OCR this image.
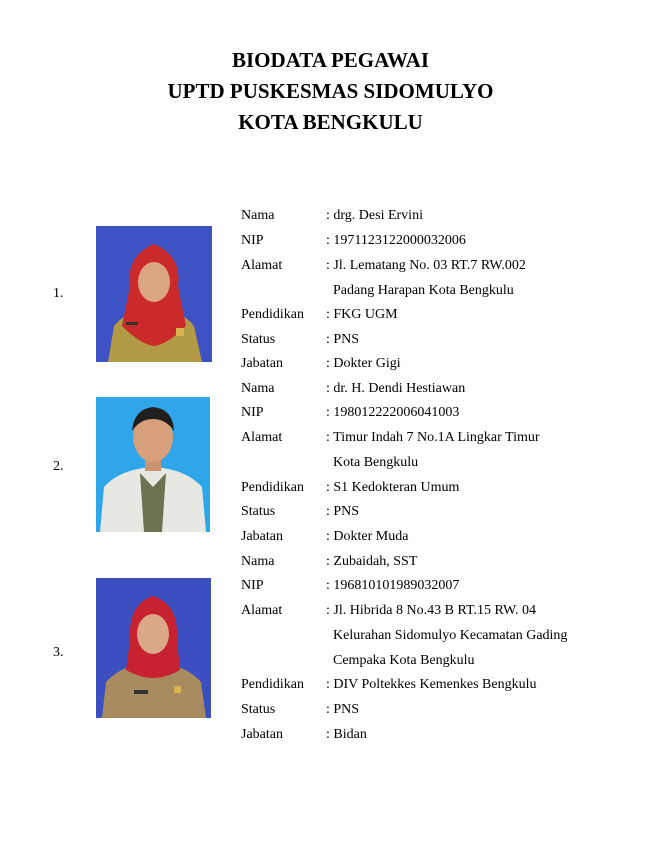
BIODATA PEGAWAI
UPTD PUSKESMAS SIDOMULYO
KOTA BENGKULU
1.
Nama	: drg. Desi Ervini
NIP	: 1971123122000032006
Alamat	: Jl. Lematang No. 03 RT.7 RW.002
Padang Harapan Kota Bengkulu
Pendidikan : FKG UGM
Status	: PNS
Jabatan	: Dokter Gigi
2.
Nama	: dr. H. Dendi Hestiawan
NIP	: 198012222006041003
Alamat	: Timur Indah 7 No.1A Lingkar Timur
Kota Bengkulu
Pendidikan : S1 Kedokteran Umum
Status	: PNS
Jabatan	: Dokter Muda
3.
Nama	: Zubaidah, SST
NIP	: 196810101989032007
Alamat	: Jl. Hibrida 8 No.43 B RT.15 RW. 04
Kelurahan Sidomulyo Kecamatan Gading
Cempaka Kota Bengkulu
Pendidikan : DIV Poltekkes Kemenkes Bengkulu
Status	: PNS
Jabatan	: Bidan
